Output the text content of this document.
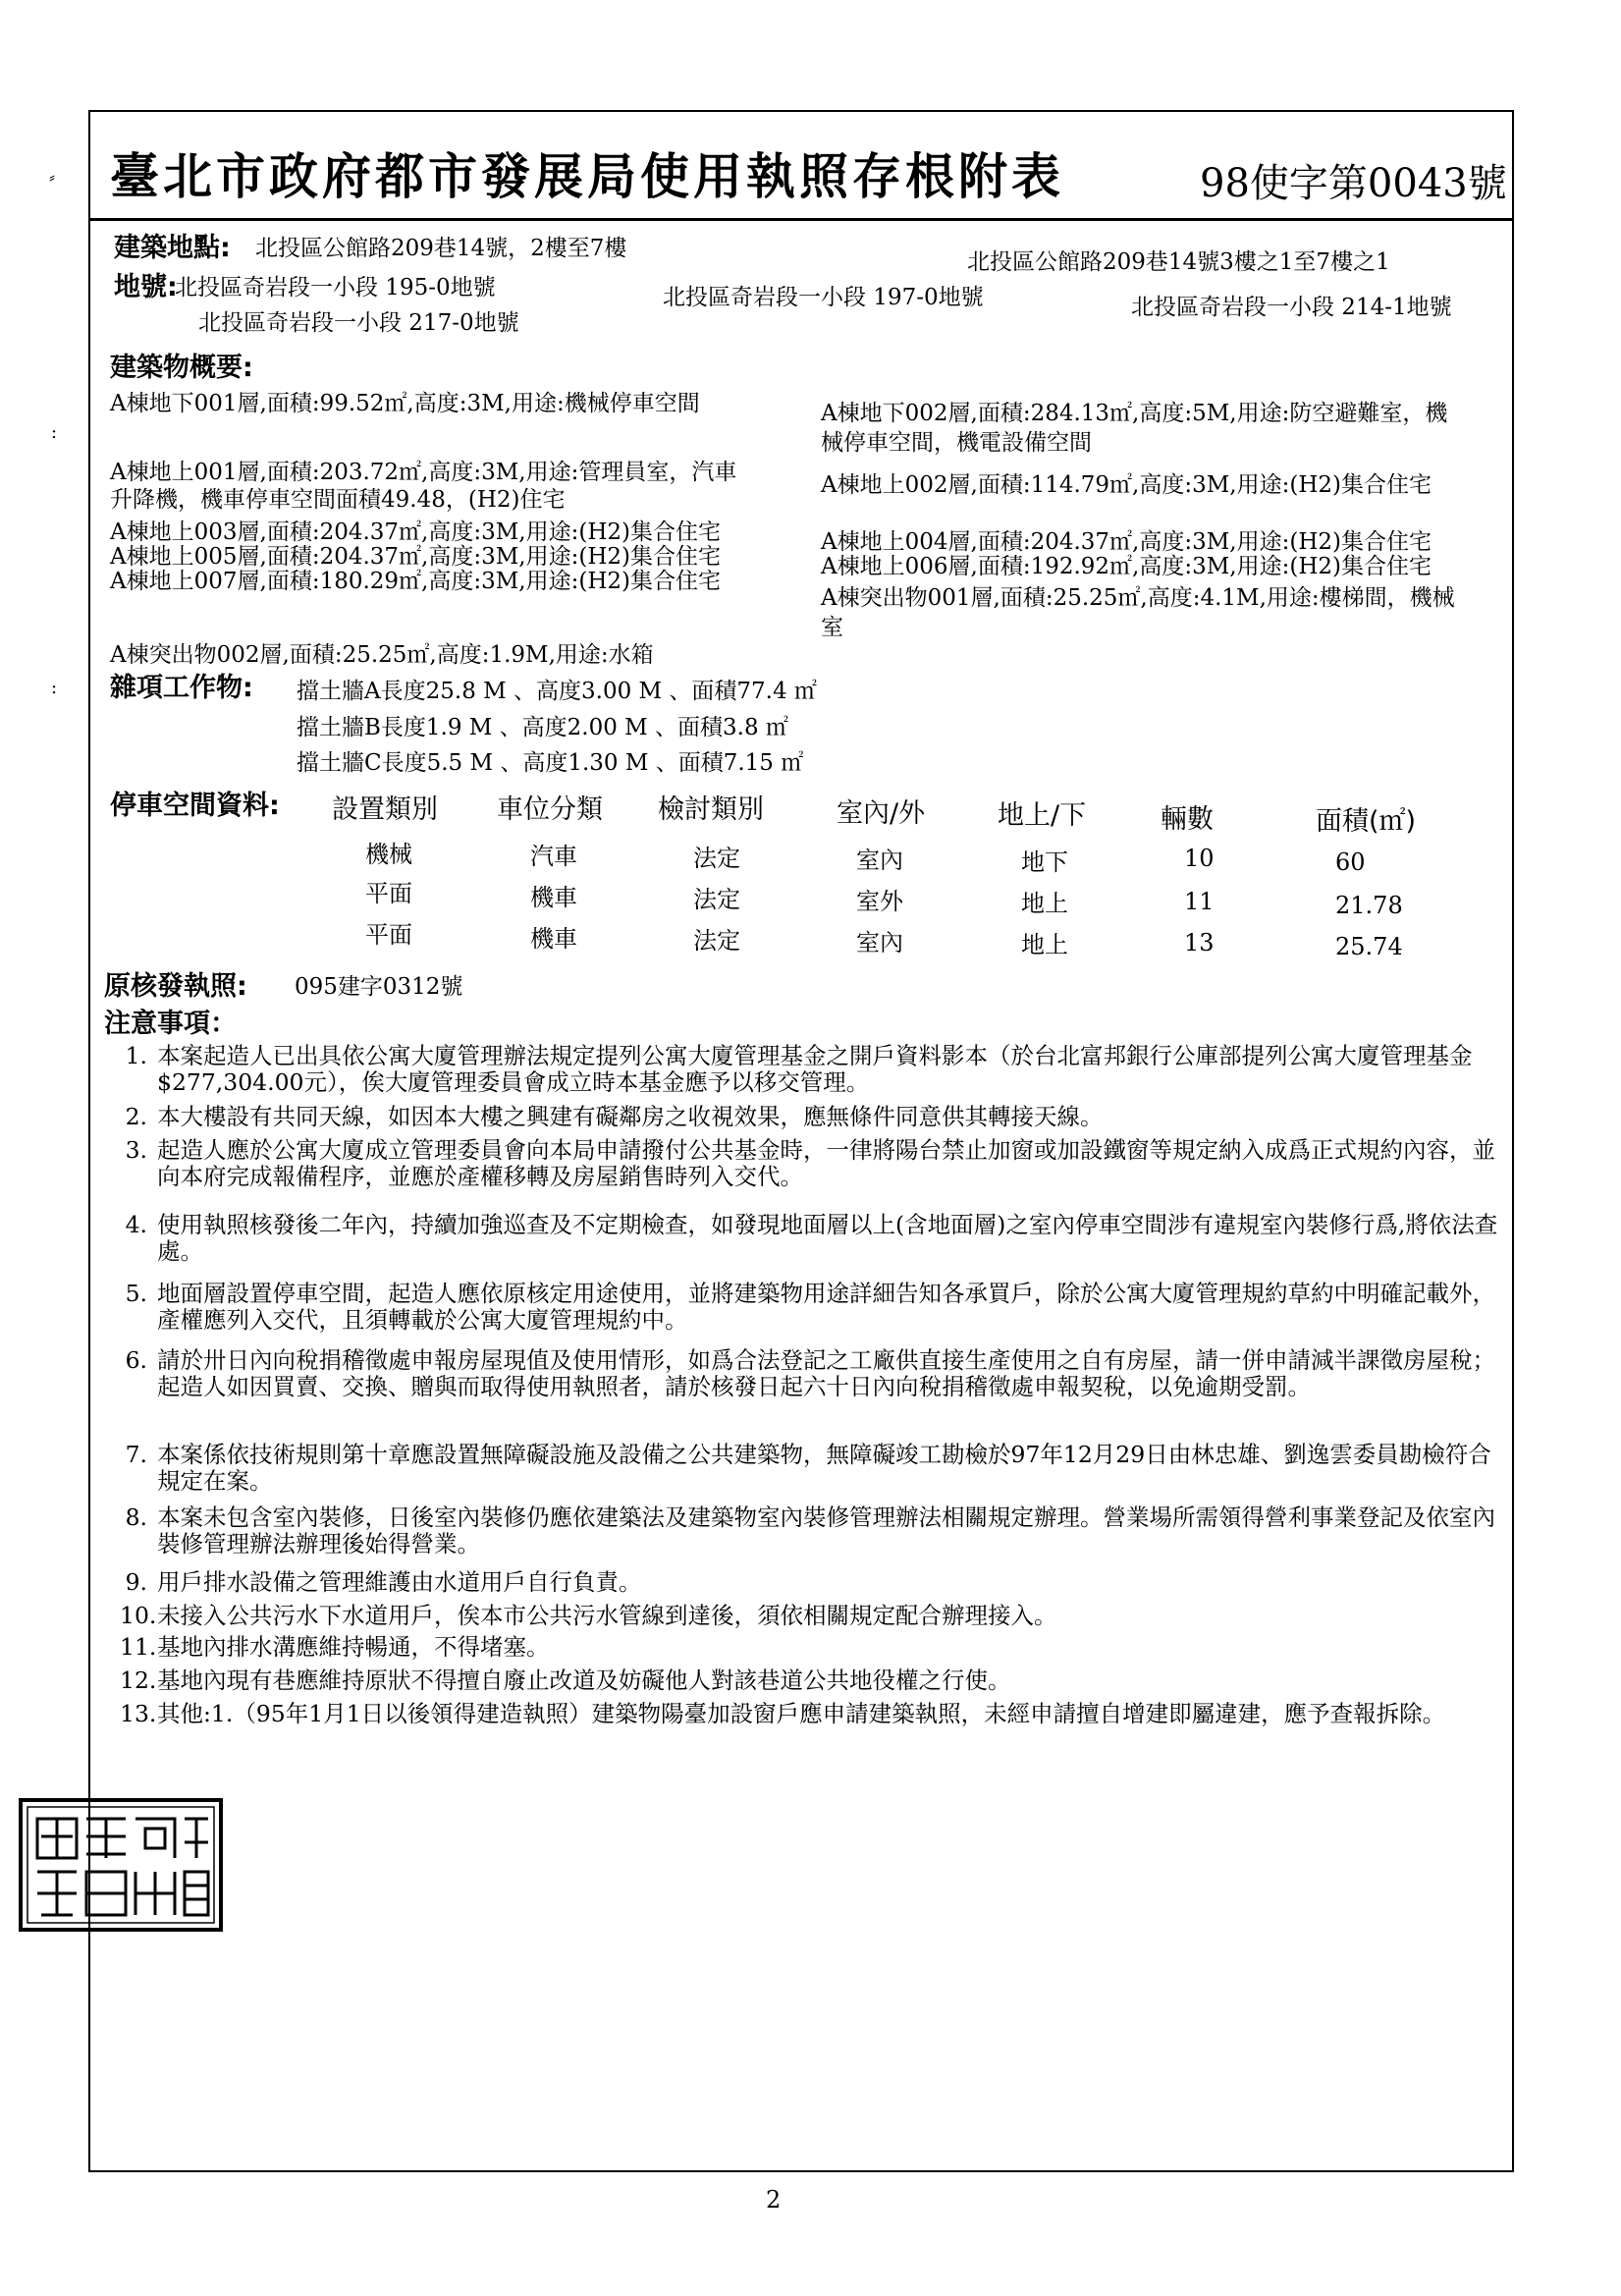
⸗
:
:
臺北市政府都市發展局使用執照存根附表	98使字第0043號
建築地點: 北投區公館路209巷14號，2樓至7樓
北投區公館路209巷14號3樓之1至7樓之1
地號:
北投區奇岩段一小段 195-0地號	北投區奇岩段一小段 197-0地號	北投區奇岩段一小段 214-1地號
北投區奇岩段一小段 217-0地號
建築物概要:
A棟地下001層,面積:99.52㎡,高度:3M,用途:機械停車空間	A棟地下002層,面積:284.13㎡,高度:5M,用途:防空避難室，機
械停車空間，機電設備空間
A棟地上001層,面積:203.72㎡,高度:3M,用途:管理員室，汽車	A棟地上002層,面積:114.79㎡,高度:3M,用途:(H2)集合住宅
升降機，機車停車空間面積49.48，(H2)住宅
A棟地上003層,面積:204.37㎡,高度:3M,用途:(H2)集合住宅	A棟地上004層,面積:204.37㎡,高度:3M,用途:(H2)集合住宅
A棟地上005層,面積:204.37㎡,高度:3M,用途:(H2)集合住宅	A棟地上006層,面積:192.92㎡,高度:3M,用途:(H2)集合住宅
A棟地上007層,面積:180.29㎡,高度:3M,用途:(H2)集合住宅
A棟突出物001層,面積:25.25㎡,高度:4.1M,用途:樓梯間，機械
室
A棟突出物002層,面積:25.25㎡,高度:1.9M,用途:水箱
雜項工作物: 擋土牆A長度25.8 M 、高度3.00 M 、面積77.4 ㎡
擋土牆B長度1.9 M 、高度2.00 M 、面積3.8 ㎡
擋土牆C長度5.5 M 、高度1.30 M 、面積7.15 ㎡
停車空間資料: 設置類別 車位分類 檢討類別	室內/外	地上/下	輛數	面積(㎡)
機械	汽車	法定	室內	地下	10	60
平面	機車	法定	室外	地上	11	21.78
平面	機車	法定	室內	地上	13	25.74
原核發執照: 095建字0312號
注意事項：
1. 本案起造人已出具依公寓大廈管理辦法規定提列公寓大廈管理基金之開戶資料影本（於台北富邦銀行公庫部提列公寓大廈管理基金$277,304.00元），俟大廈管理委員會成立時本基金應予以移交管理。
2. 本大樓設有共同天線，如因本大樓之興建有礙鄰房之收視效果，應無條件同意供其轉接天線。
3. 起造人應於公寓大廈成立管理委員會向本局申請撥付公共基金時，一律將陽台禁止加窗或加設鐵窗等規定納入成爲正式規約內容，並向本府完成報備程序，並應於產權移轉及房屋銷售時列入交代。
4. 使用執照核發後二年內，持續加強巡查及不定期檢查，如發現地面層以上(含地面層)之室內停車空間涉有違規室內裝修行爲,將依法查處。
5. 地面層設置停車空間，起造人應依原核定用途使用，並將建築物用途詳細告知各承買戶，除於公寓大廈管理規約草約中明確記載外，產權應列入交代，且須轉載於公寓大廈管理規約中。
6. 請於卅日內向稅捐稽徵處申報房屋現值及使用情形，如爲合法登記之工廠供直接生產使用之自有房屋，請一併申請減半課徵房屋稅；起造人如因買賣、交換、贈與而取得使用執照者，請於核發日起六十日內向稅捐稽徵處申報契稅，以免逾期受罰。
7. 本案係依技術規則第十章應設置無障礙設施及設備之公共建築物，無障礙竣工勘檢於97年12月29日由林忠雄、劉逸雲委員勘檢符合規定在案。
8. 本案未包含室內裝修，日後室內裝修仍應依建築法及建築物室內裝修管理辦法相關規定辦理。營業場所需領得營利事業登記及依室內裝修管理辦法辦理後始得營業。
9. 用戶排水設備之管理維護由水道用戶自行負責。
10. 未接入公共污水下水道用戶，俟本市公共污水管線到達後，須依相關規定配合辦理接入。
11. 基地內排水溝應維持暢通，不得堵塞。
12. 基地內現有巷應維持原狀不得擅自廢止改道及妨礙他人對該巷道公共地役權之行使。
13. 其他:1.（95年1月1日以後領得建造執照）建築物陽臺加設窗戶應申請建築執照，未經申請擅自增建即屬違建，應予查報拆除。
2
